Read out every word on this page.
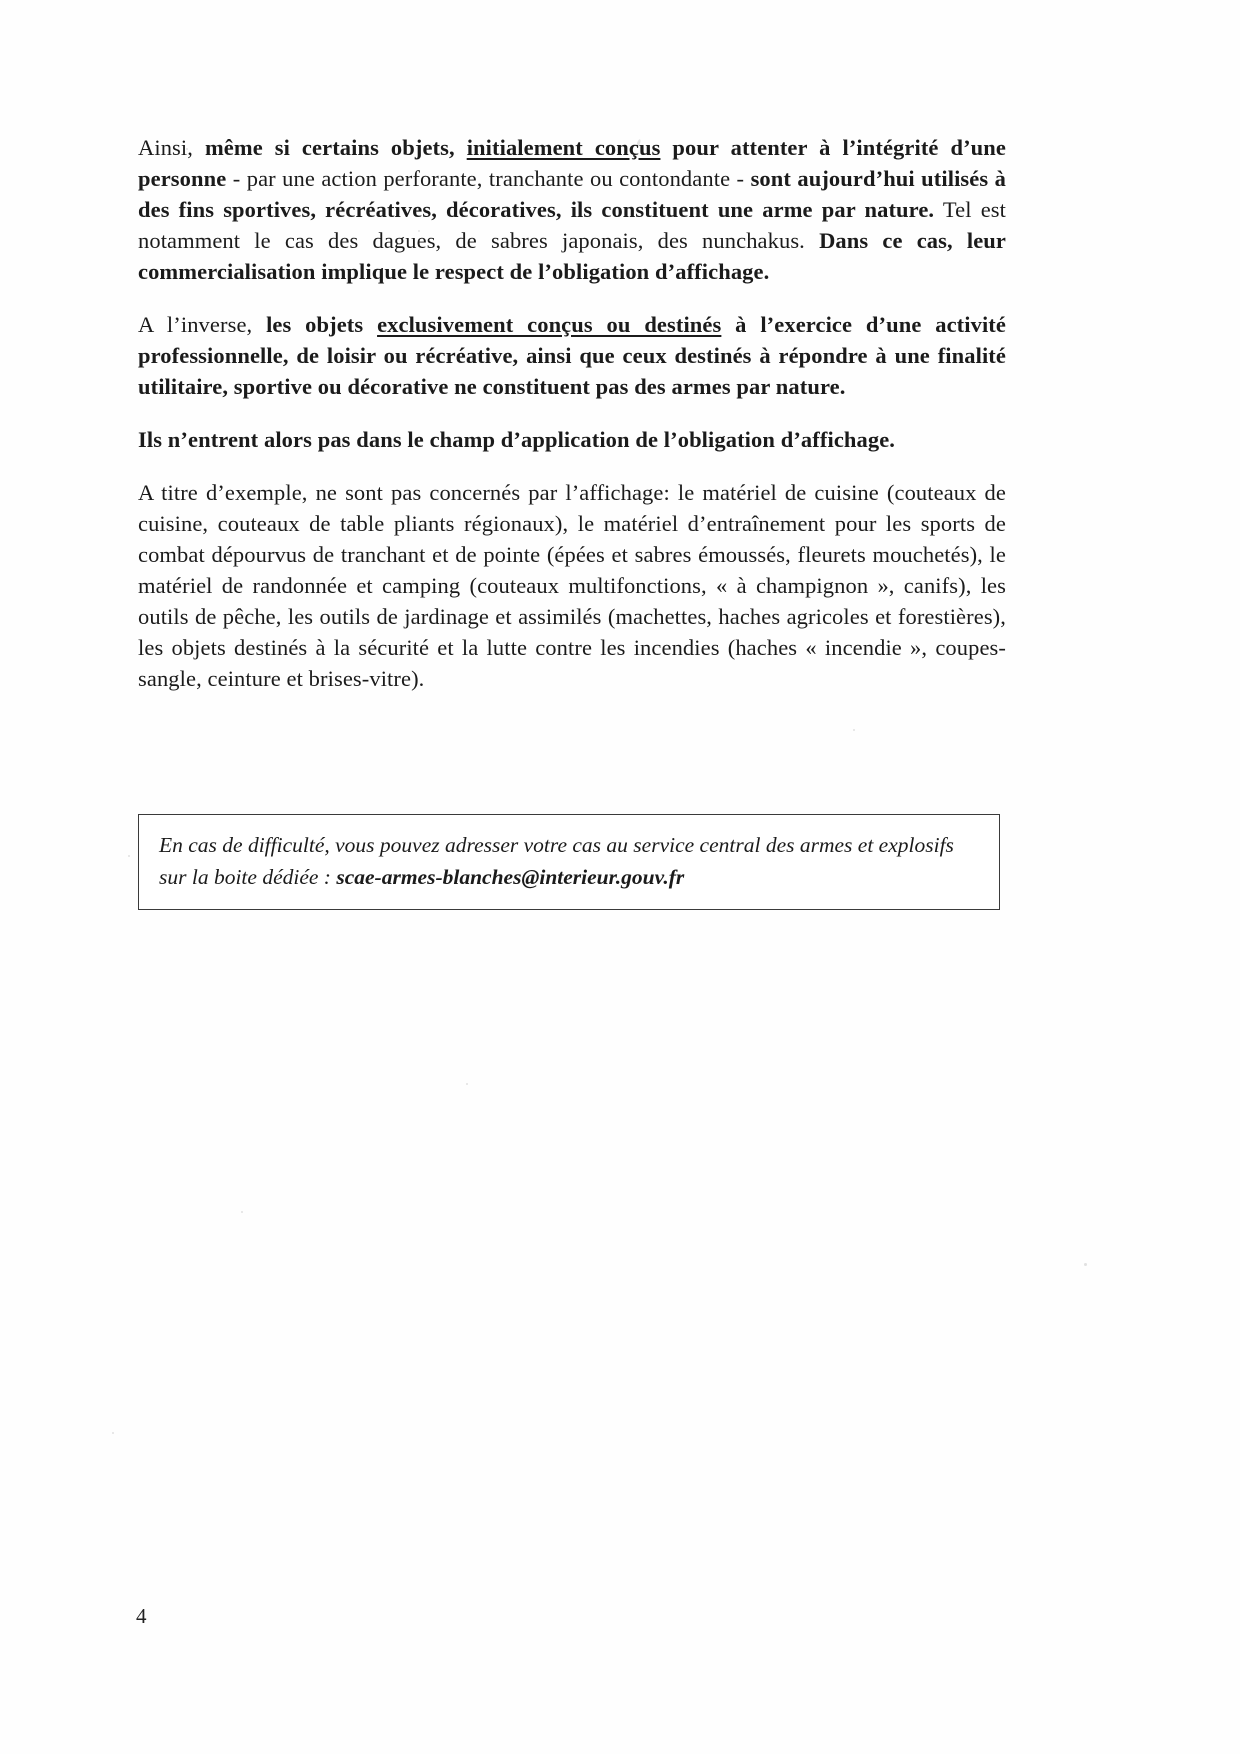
Ainsi, même si certains objets, initialement conçus pour attenter à l’intégrité d’une personne - par une action perforante, tranchante ou contondante - sont aujourd’hui utilisés à des fins sportives, récréatives, décoratives, ils constituent une arme par nature. Tel est notamment le cas des dagues, de sabres japonais, des nunchakus. Dans ce cas, leur commercialisation implique le respect de l’obligation d’affichage.

A l’inverse, les objets exclusivement conçus ou destinés à l’exercice d’une activité professionnelle, de loisir ou récréative, ainsi que ceux destinés à répondre à une finalité utilitaire, sportive ou décorative ne constituent pas des armes par nature.

Ils n’entrent alors pas dans le champ d’application de l’obligation d’affichage.

A titre d’exemple, ne sont pas concernés par l’affichage: le matériel de cuisine (couteaux de cuisine, couteaux de table pliants régionaux), le matériel d’entraînement pour les sports de combat dépourvus de tranchant et de pointe (épées et sabres émoussés, fleurets mouchetés), le matériel de randonnée et camping (couteaux multifonctions, « à champignon », canifs), les outils de pêche, les outils de jardinage et assimilés (machettes, haches agricoles et forestières), les objets destinés à la sécurité et la lutte contre les incendies (haches « incendie », coupes-sangle, ceinture et brises-vitre).

En cas de difficulté, vous pouvez adresser votre cas au service central des armes et explosifs sur la boite dédiée : scae-armes-blanches@interieur.gouv.fr

4
